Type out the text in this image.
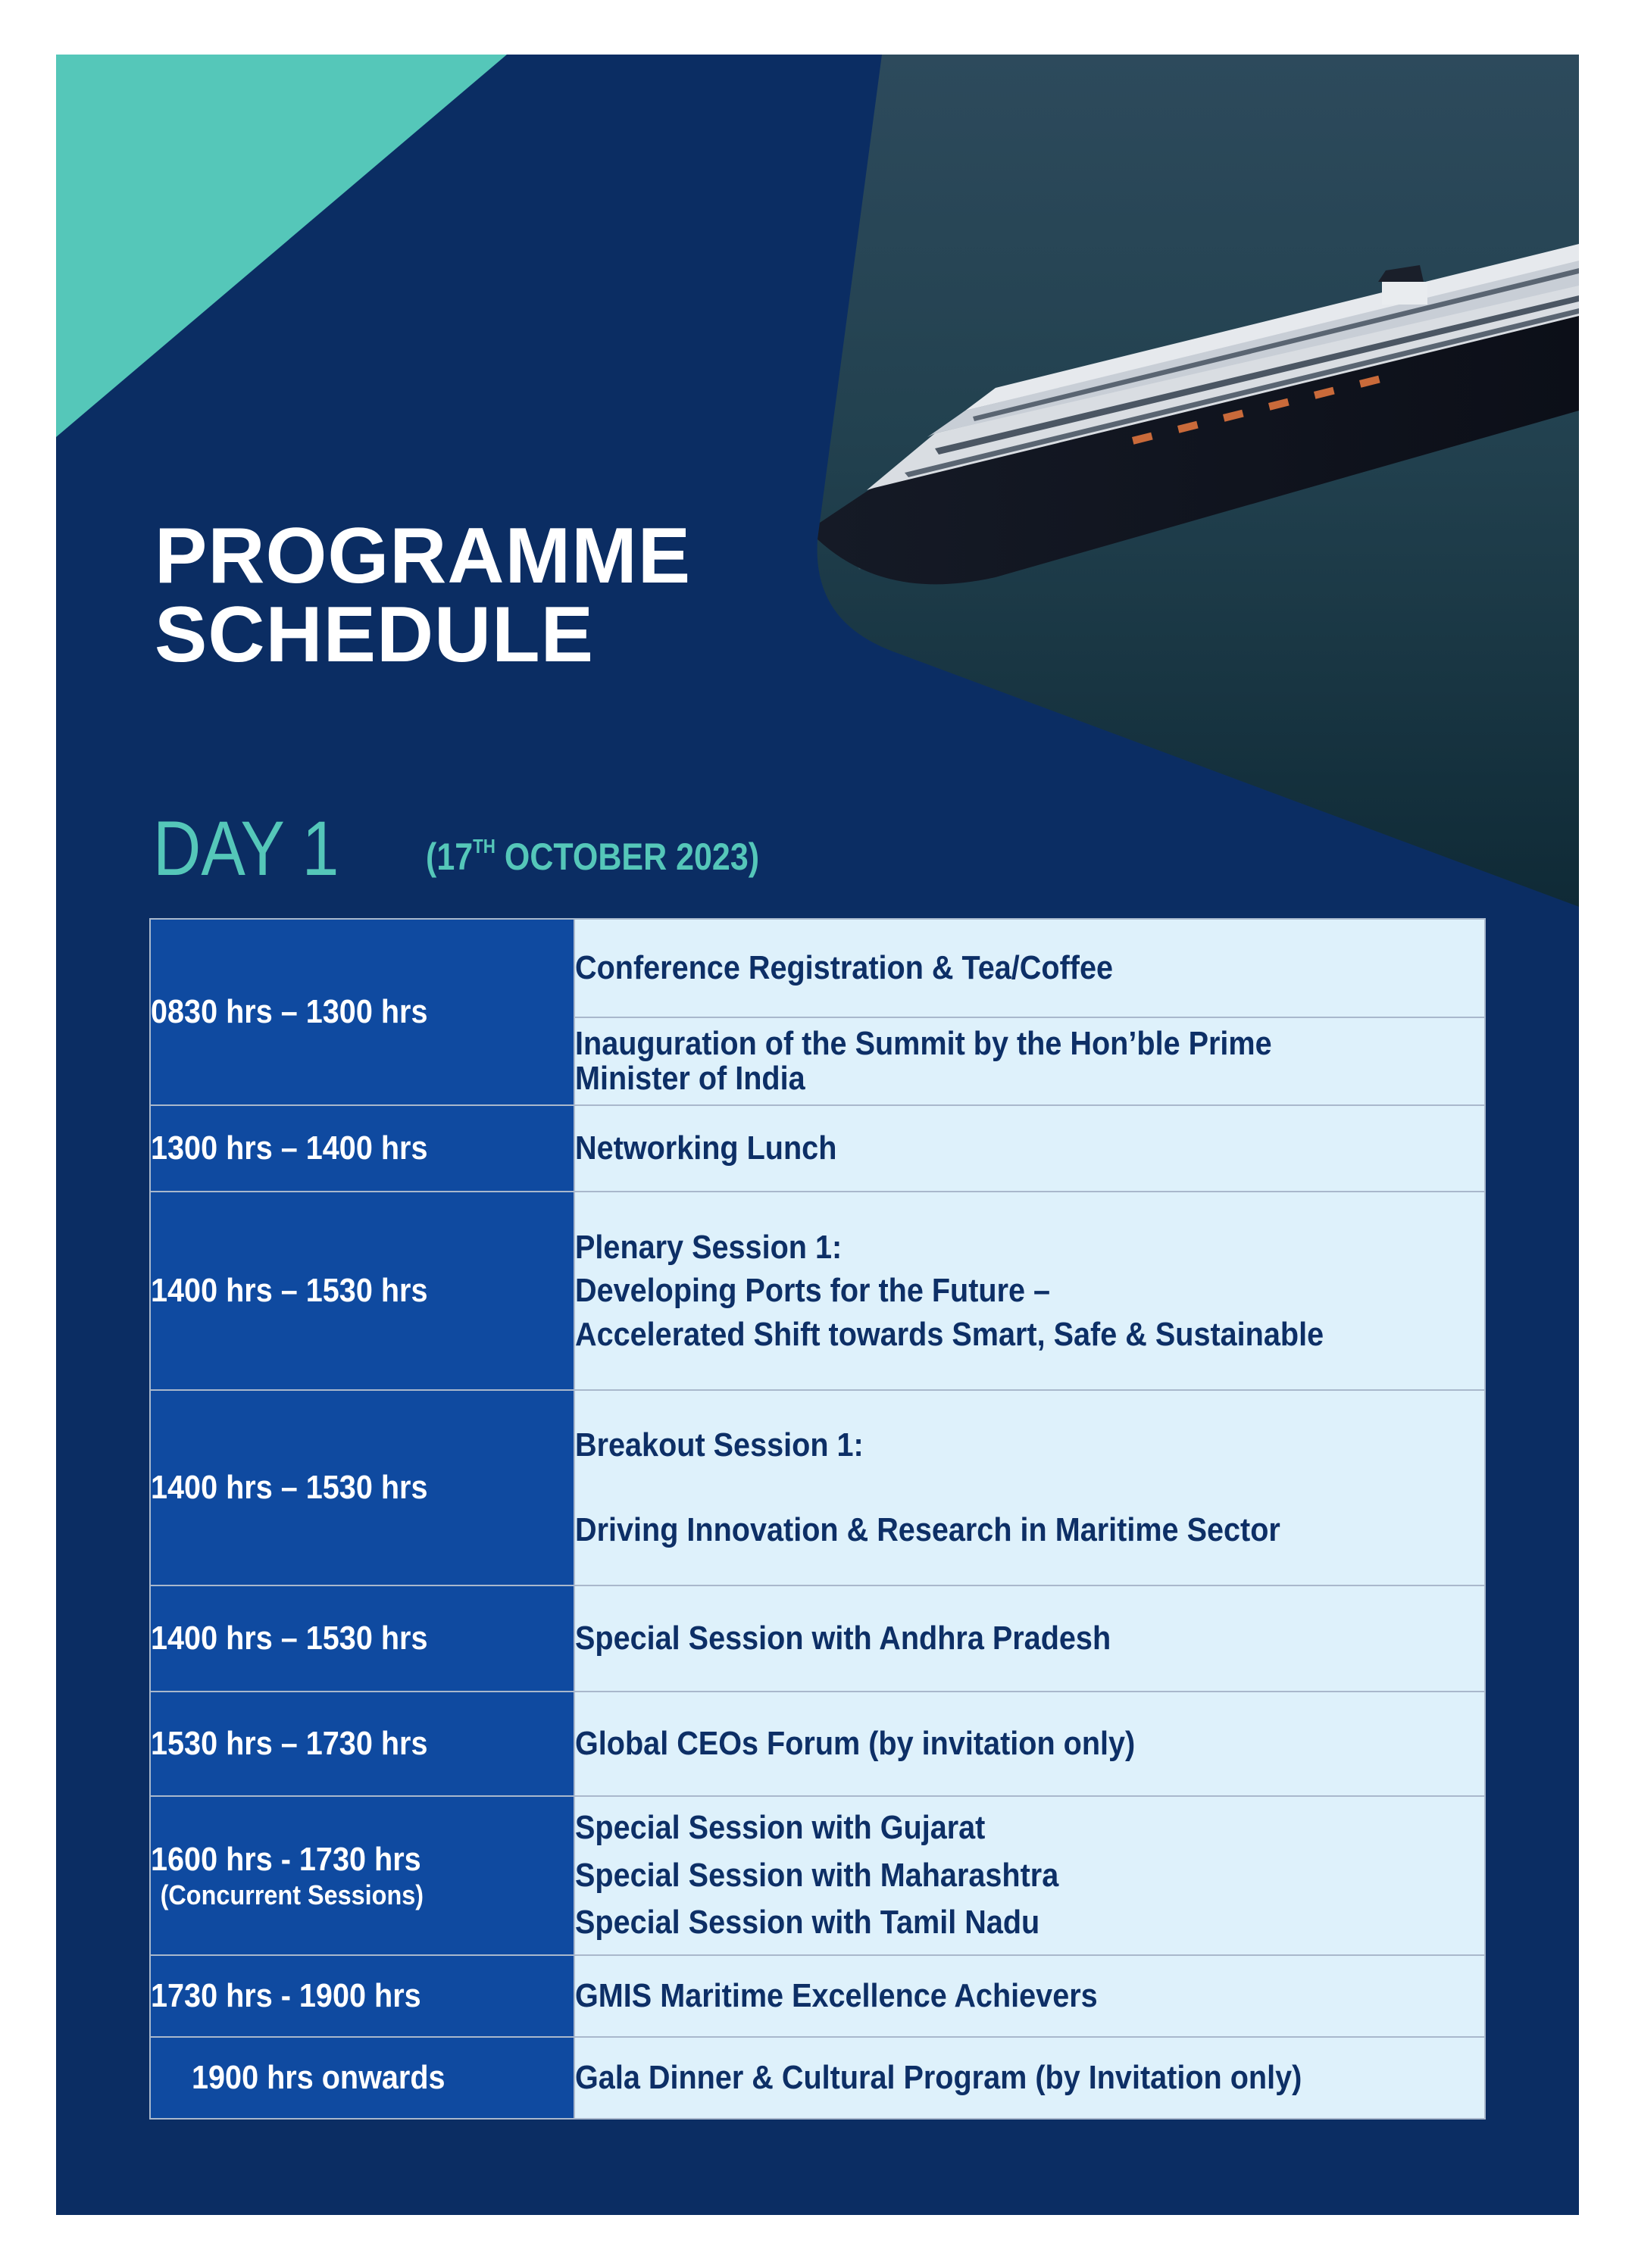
PROGRAMME
SCHEDULE
DAY 1 (17TH OCTOBER 2023)
0830 hrs – 1300 hrs	Conference Registration & Tea/Coffee

	Inauguration of the Summit by the Hon’ble Prime Minister of India

1300 hrs – 1400 hrs	Networking Lunch
1400 hrs – 1530 hrs	Plenary Session 1:
Developing Ports for the Future –
Accelerated Shift towards Smart, Safe & Sustainable

1400 hrs – 1530 hrs	Breakout Session 1:
Driving Innovation & Research in Maritime Sector

1400 hrs – 1530 hrs	Special Session with Andhra Pradesh
1530 hrs – 1730 hrs	Global CEOs Forum (by invitation only)
1600 hrs - 1730 hrs
(Concurrent Sessions)	Special Session with Gujarat
Special Session with Maharashtra
Special Session with Tamil Nadu

1730 hrs - 1900 hrs	GMIS Maritime Excellence Achievers
1900 hrs onwards	Gala Dinner & Cultural Program (by Invitation only)
